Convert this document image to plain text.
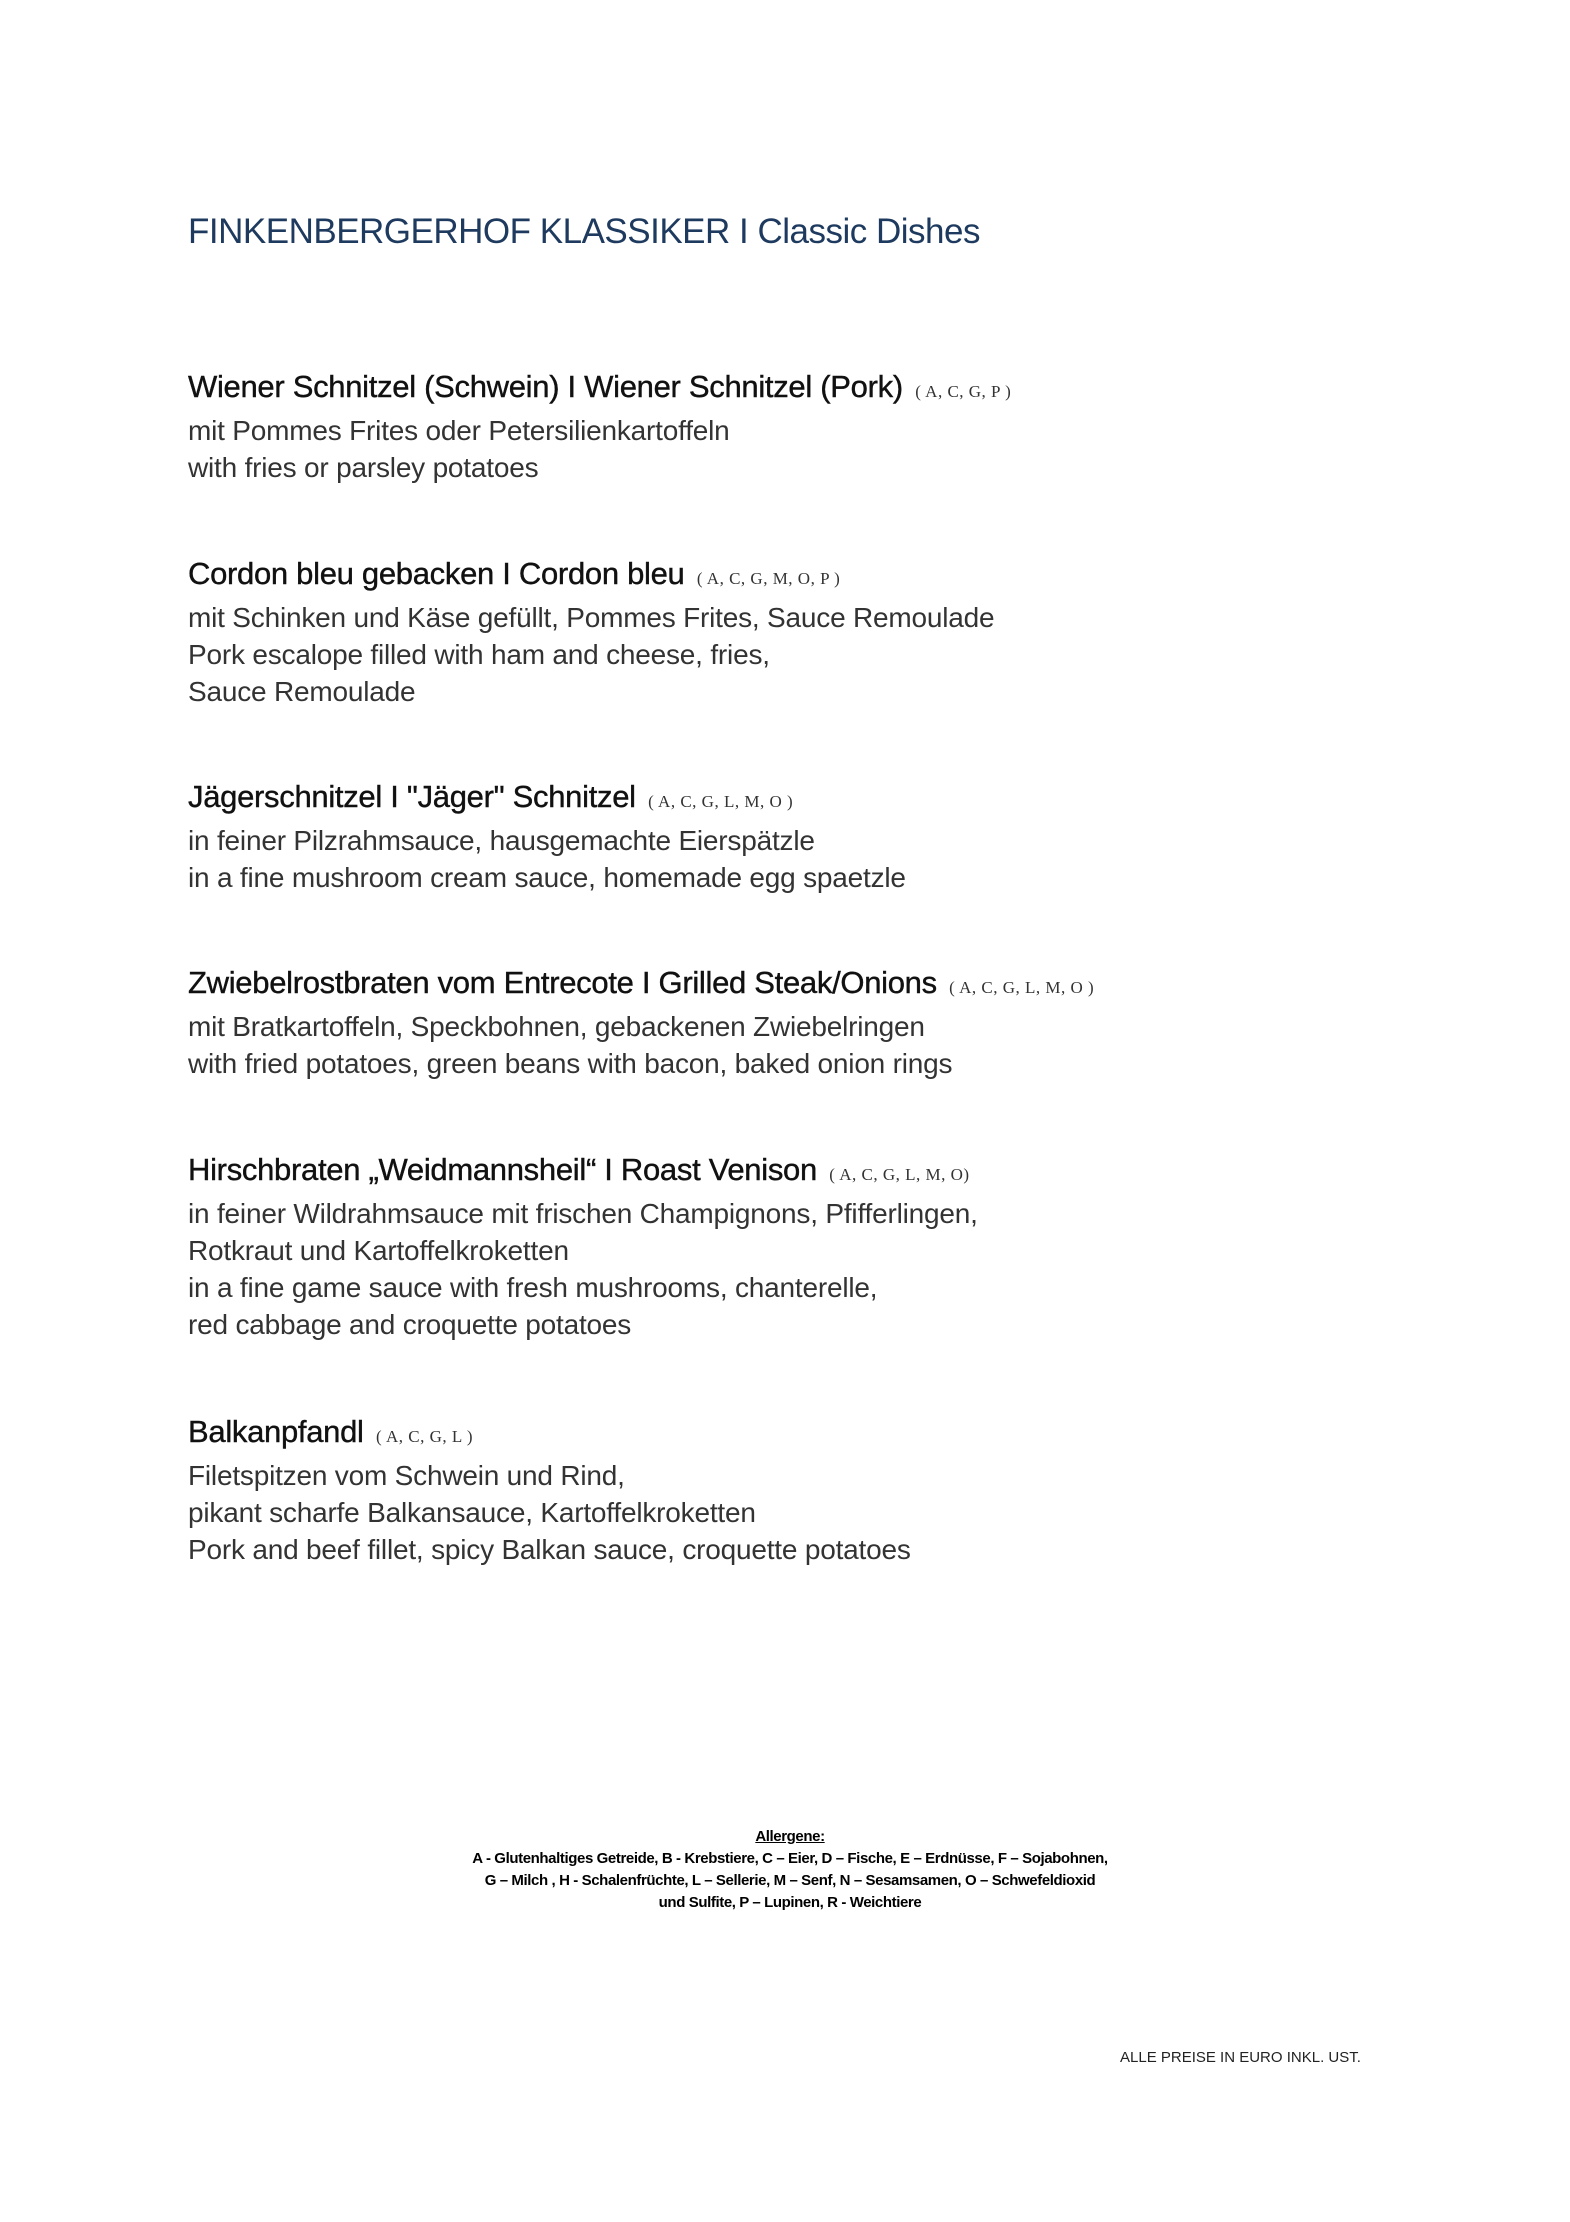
FINKENBERGERHOF KLASSIKER I Classic Dishes
Wiener Schnitzel (Schwein) I Wiener Schnitzel (Pork) ( A, C, G, P )
mit Pommes Frites oder Petersilienkartoffeln
with fries or parsley potatoes
Cordon bleu gebacken I Cordon bleu ( A, C, G, M, O, P )
mit Schinken und Käse gefüllt, Pommes Frites, Sauce Remoulade
Pork escalope filled with ham and cheese, fries,
Sauce Remoulade
Jägerschnitzel I "Jäger" Schnitzel ( A, C, G, L, M, O )
in feiner Pilzrahmsauce, hausgemachte Eierspätzle
in a fine mushroom cream sauce, homemade egg spaetzle
Zwiebelrostbraten vom Entrecote I Grilled Steak/Onions ( A, C, G, L, M, O )
mit Bratkartoffeln, Speckbohnen, gebackenen Zwiebelringen
with fried potatoes, green beans with bacon, baked onion rings
Hirschbraten „Weidmannsheil“ I Roast Venison ( A, C, G, L, M, O)
in feiner Wildrahmsauce mit frischen Champignons, Pfifferlingen,
Rotkraut und Kartoffelkroketten
in a fine game sauce with fresh mushrooms, chanterelle,
red cabbage and croquette potatoes
Balkanpfandl ( A, C, G, L )
Filetspitzen vom Schwein und Rind,
pikant scharfe Balkansauce, Kartoffelkroketten
Pork and beef fillet, spicy Balkan sauce, croquette potatoes
Allergene:
A - Glutenhaltiges Getreide, B - Krebstiere, C – Eier, D – Fische, E – Erdnüsse, F – Sojabohnen,
G – Milch , H - Schalenfrüchte, L – Sellerie, M – Senf, N – Sesamsamen, O – Schwefeldioxid
und Sulfite, P – Lupinen, R - Weichtiere
ALLE PREISE IN EURO INKL. UST.
